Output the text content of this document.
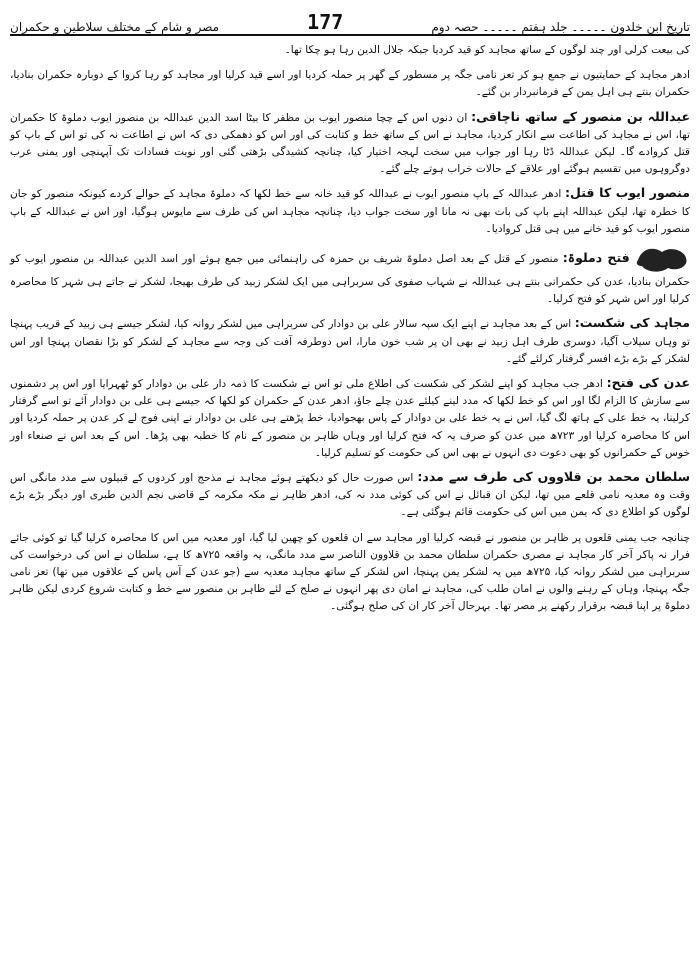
تاریخ ابن خلدون ۔۔۔۔۔ جلد ہفتم ۔۔۔۔۔ حصہ دوم
177
مصر و شام کے مختلف سلاطین و حکمران

کی بیعت کرلی اور چند لوگوں کے ساتھ مجاہد کو قید کردیا جبکہ جلال الدین رہا ہو چکا تھا۔

ادھر مجاہد کے حمایتیوں نے جمع ہو کر تعز نامی جگہ پر مسطور کے گھر پر حملہ کردیا اور اسے قید کرلیا اور مجاہد کو رہا کروا کے دوبارہ حکمران بنادیا، حکمران بنتے ہی اہل یمن کے فرمانبردار بن گئے۔

عبداللہ بن منصور کے ساتھ ناچاقی: ان دنوں اس کے چچا منصور ایوب بن مظفر کا بیٹا اسد الدین عبداللہ بن منصور ایوب دملوۃ کا حکمران تھا، اس نے مجاہد کی اطاعت سے انکار کردیا، مجاہد نے اس کے ساتھ خط و کتابت کی اور اس کو دھمکی دی کہ اس نے اطاعت نہ کی تو اس کے باپ کو قتل کروادے گا۔ لیکن عبداللہ ڈٹا رہا اور جواب میں سخت لہجہ اختیار کیا، چنانچہ کشیدگی بڑھتی گئی اور نوبت فسادات تک آپہنچی اور یمنی عرب دوگروہوں میں تقسیم ہوگئے اور علاقے کے حالات خراب ہوتے چلے گئے۔

منصور ایوب کا قتل: ادھر عبداللہ کے باپ منصور ایوب نے عبداللہ کو قید خانہ سے خط لکھا کہ دملوۃ مجاہد کے حوالے کردے کیونکہ منصور کو جان کا خطرہ تھا، لیکن عبداللہ اپنے باپ کی بات بھی نہ مانا اور سخت جواب دیا، چنانچہ مجاہد اس کی طرف سے مایوس ہوگیا، اور اس نے عبداللہ کے باپ منصور ایوب کو قید خانے میں ہی قتل کروادیا۔

فتح دملوۃ: منصور کے قتل کے بعد اصل دملوۃ شریف بن حمزہ کی راہنمائی میں جمع ہوئے اور اسد الدین عبداللہ بن منصور ایوب کو حکمران بنادیا، عدن کی حکمرانی بنتے ہی عبداللہ نے شہاب صفوی کی سربراہی میں ایک لشکر زبید کی طرف بھیجا، لشکر نے جاتے ہی شہر کا محاصرہ کرلیا اور اس شہر کو فتح کرلیا۔

مجاہد کی شکست: اس کے بعد مجاہد نے اپنے ایک سپہ سالار علی بن دوادار کی سربراہی میں لشکر روانہ کیا، لشکر جیسے ہی زبید کے قریب پہنچا تو وہاں سیلاب آگیا، دوسری طرف اہل زبید نے بھی ان پر شب خون مارا، اس دوطرفہ آفت کی وجہ سے مجاہد کے لشکر کو بڑا نقصان پہنچا اور اس لشکر کے بڑے بڑے افسر گرفتار کرلئے گئے۔

عدن کی فتح: ادھر جب مجاہد کو اپنے لشکر کی شکست کی اطلاع ملی تو اس نے شکست کا ذمہ دار علی بن دوادار کو ٹھہرایا اور اس پر دشمنوں سے سازش کا الزام لگا اور اس کو خط لکھا کہ مدد لینے کیلئے عدن چلے جاؤ، ادھر عدن کے حکمران کو لکھا کہ جیسے ہی علی بن دوادار آئے تو اسے گرفتار کرلینا، یہ خط علی کے ہاتھ لگ گیا، اس نے یہ خط علی بن دوادار کے پاس بھجوادیا، خط پڑھتے ہی علی بن دوادار نے اپنی فوج لے کر عدن پر حملہ کردیا اور اس کا محاصرہ کرلیا اور ۷۲۳ھ میں عدن کو صرف یہ کہ فتح کرلیا اور وہاں ظاہر بن منصور کے نام کا خطبہ بھی پڑھا۔ اس کے بعد اس نے صنعاء اور خوس کے حکمرانوں کو بھی دعوت دی انہوں نے بھی اس کی حکومت کو تسلیم کرلیا۔

سلطان محمد بن قلاووں کی طرف سے مدد: اس صورت حال کو دیکھتے ہوئے مجاہد نے مذحج اور کردوں کے قبیلوں سے مدد مانگی اس وقت وہ معدیہ نامی قلعے میں تھا، لیکن ان قبائل نے اس کی کوئی مدد نہ کی، ادھر ظاہر نے مکہ مکرمہ کے قاضی نجم الدین طبری اور دیگر بڑے بڑے لوگوں کو اطلاع دی کہ یمن میں اس کی حکومت قائم ہوگئی ہے۔

چنانچہ جب یمنی قلعوں پر ظاہر بن منصور نے قبضہ کرلیا اور مجاہد سے ان قلعوں کو چھین لیا گیا، اور معدیہ میں اس کا محاصرہ کرلیا گیا تو کوئی جائے فرار نہ پاکر آخر کار مجاہد نے مصری حکمران سلطان محمد بن قلاوون الناصر سے مدد مانگی، یہ واقعہ ۷۲۵ھ کا ہے، سلطان نے اس کی درخواست کی سربراہی میں لشکر روانہ کیا، ۷۲۵ھ میں یہ لشکر یمن پہنچا، اس لشکر کے ساتھ مجاہد معدیہ سے (جو عدن کے آس پاس کے علاقوں میں تھا) تعز نامی جگہ پہنچا، وہاں کے رہنے والوں نے امان طلب کی، مجاہد نے امان دی پھر انہوں نے صلح کے لئے ظاہر بن منصور سے خط و کتابت شروع کردی لیکن ظاہر دملوۃ پر اپنا قبضہ برقرار رکھنے پر مصر تھا۔ بہرحال آخر کار ان کی صلح ہوگئی۔
